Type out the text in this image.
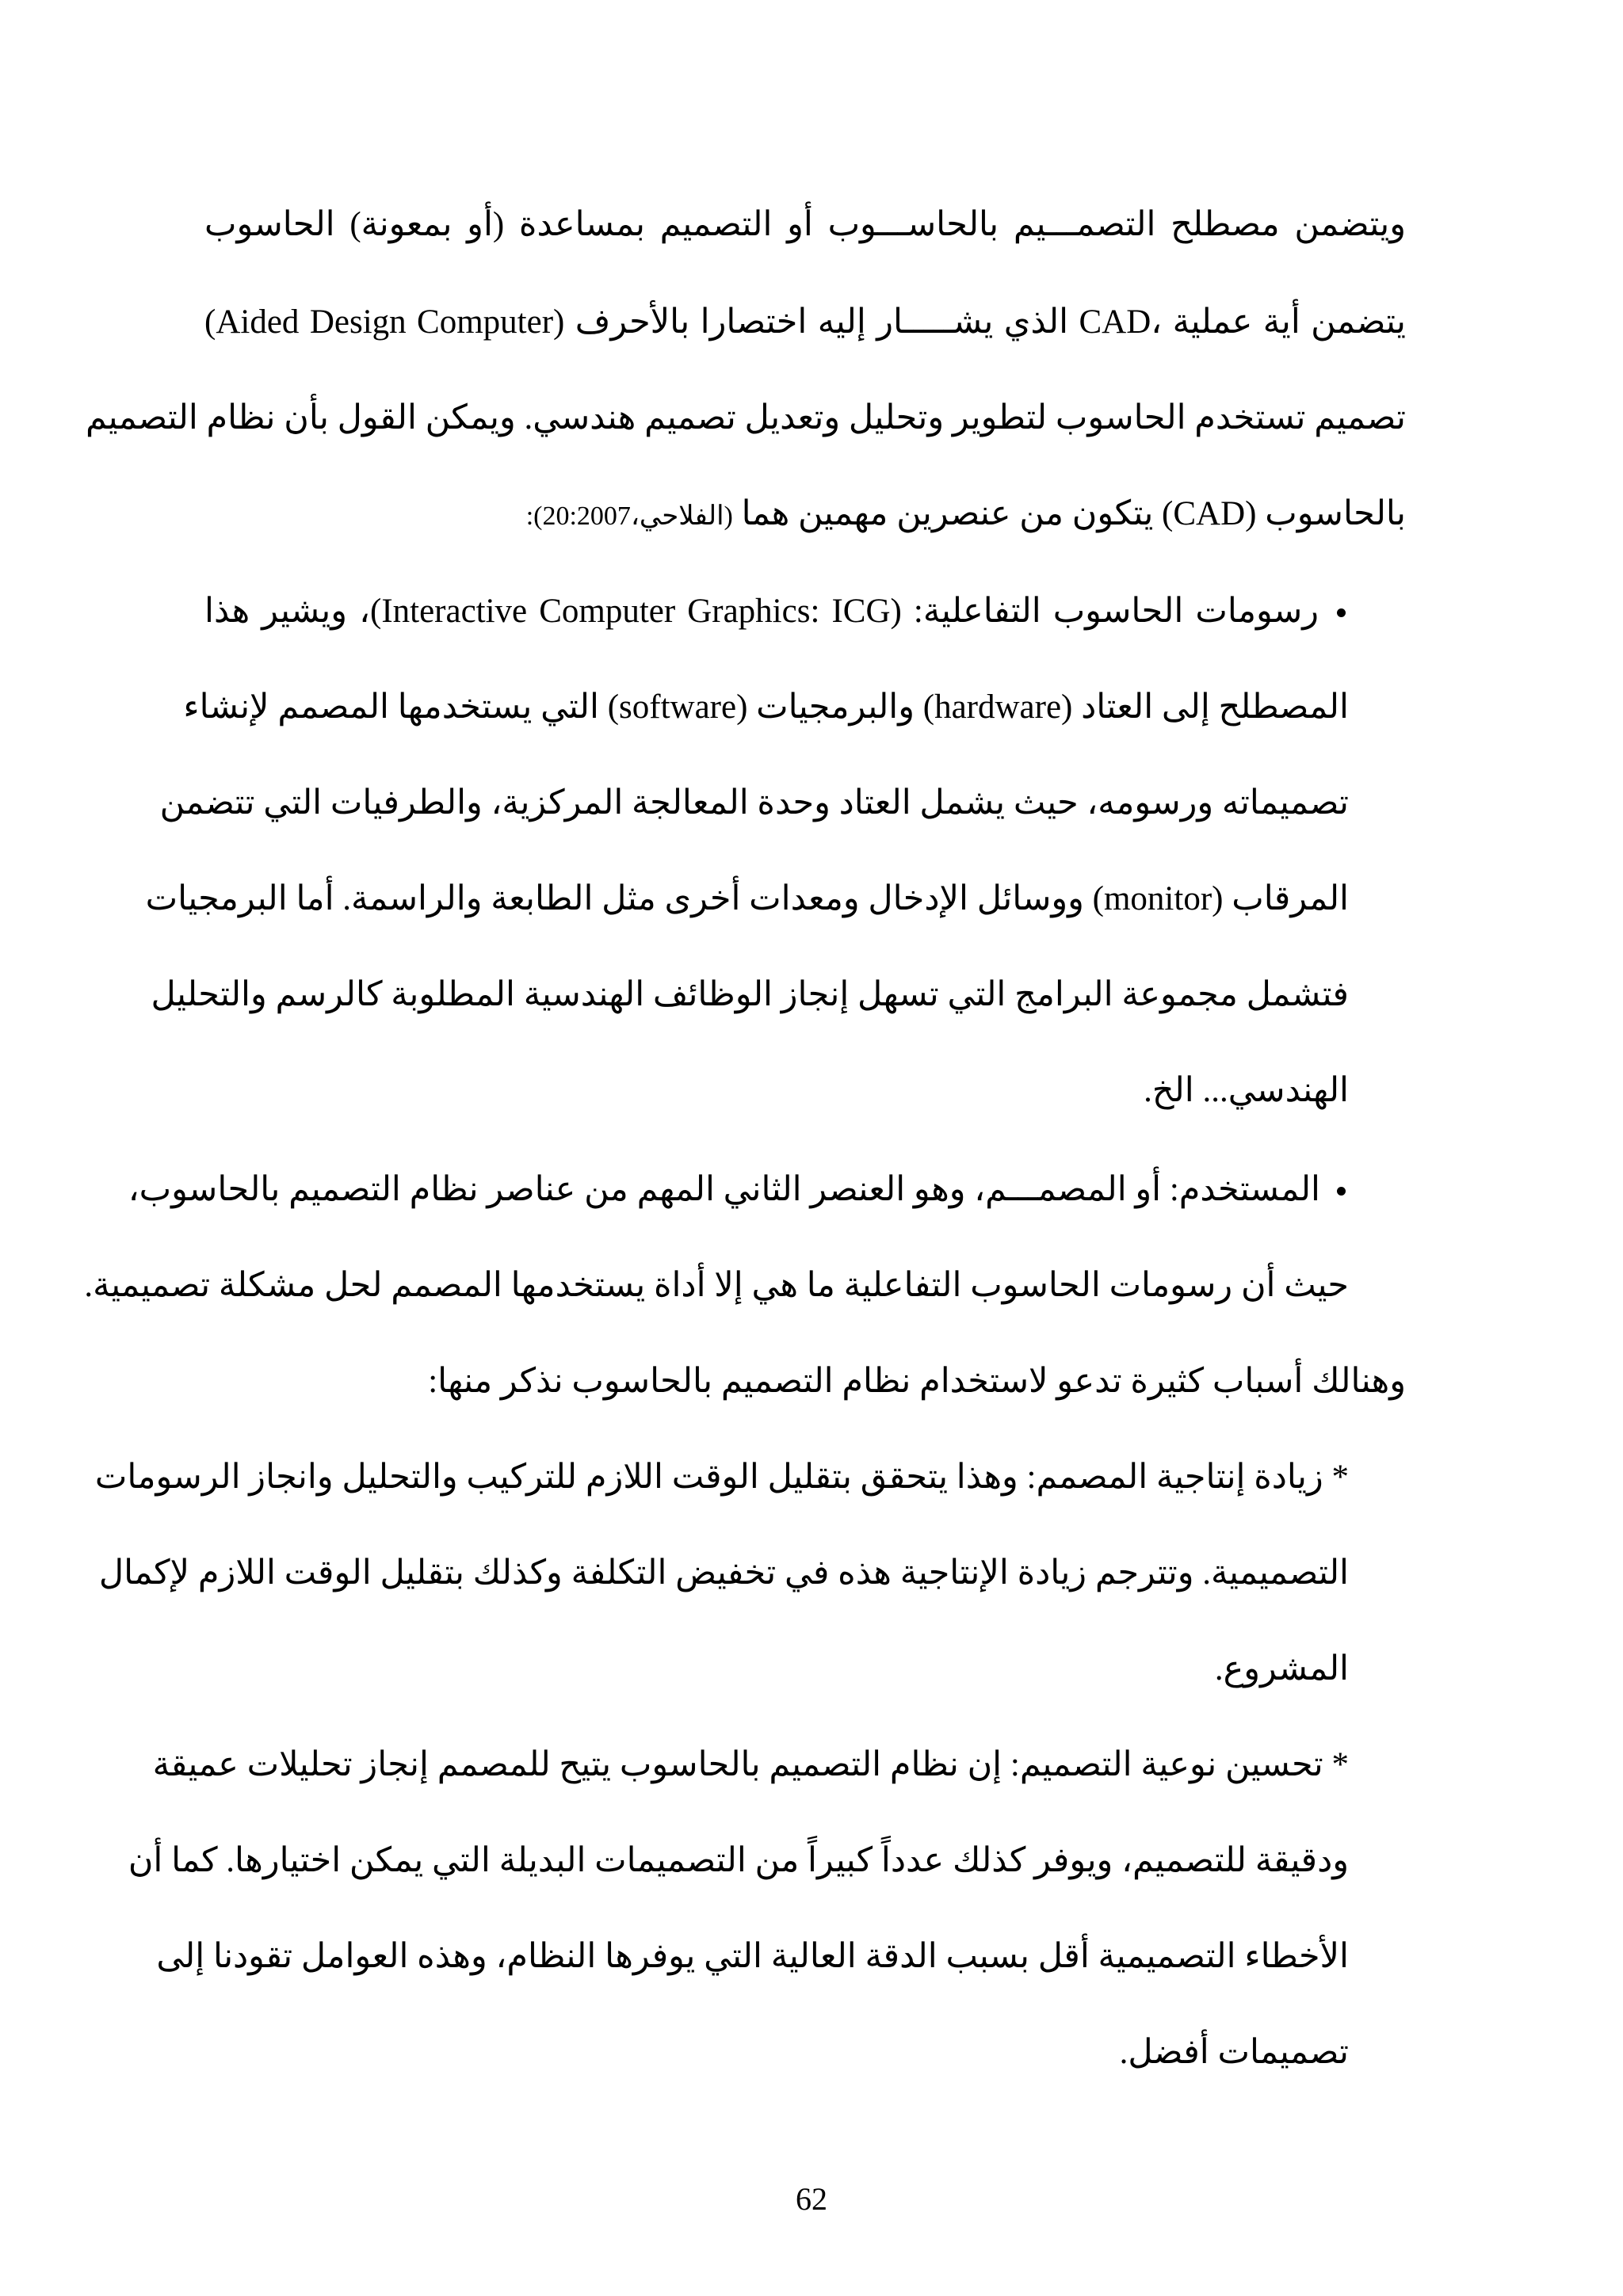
ويتضمن مصطلح التصمـــيم بالحاســـوب أو التصميم بمساعدة (أو بمعونة) الحاسوب
(Aided Design Computer) الذي يشـــــار إليه اختصارا بالأحرف CAD، يتضمن أية عملية
تصميم تستخدم الحاسوب لتطوير وتحليل وتعديل تصميم هندسي. ويمكن القول بأن نظام التصميم
بالحاسوب (CAD) يتكون من عنصرين مهمين هما (الفلاحي،20:2007):
رسومات الحاسوب التفاعلية: (Interactive Computer Graphics: ICG)، ويشير هذا
المصطلح إلى العتاد (hardware) والبرمجيات (software) التي يستخدمها المصمم لإنشاء
تصميماته ورسومه، حيث يشمل العتاد وحدة المعالجة المركزية، والطرفيات التي تتضمن
المرقاب (monitor) ووسائل الإدخال ومعدات أخرى مثل الطابعة والراسمة. أما البرمجيات
فتشمل مجموعة البرامج التي تسهل إنجاز الوظائف الهندسية المطلوبة كالرسم والتحليل
الهندسي... الخ.
المستخدم: أو المصمـــم، وهو العنصر الثاني المهم من عناصر نظام التصميم بالحاسوب،
حيث أن رسومات الحاسوب التفاعلية ما هي إلا أداة يستخدمها المصمم لحل مشكلة تصميمية.
وهنالك أسباب كثيرة تدعو لاستخدام نظام التصميم بالحاسوب نذكر منها:
* زيادة إنتاجية المصمم: وهذا يتحقق بتقليل الوقت اللازم للتركيب والتحليل وانجاز الرسومات
التصميمية. وتترجم زيادة الإنتاجية هذه في تخفيض التكلفة وكذلك بتقليل الوقت اللازم لإكمال
المشروع.
* تحسين نوعية التصميم: إن نظام التصميم بالحاسوب يتيح للمصمم إنجاز تحليلات عميقة
ودقيقة للتصميم، ويوفر كذلك عدداً كبيراً من التصميمات البديلة التي يمكن اختيارها. كما أن
الأخطاء التصميمية أقل بسبب الدقة العالية التي يوفرها النظام، وهذه العوامل تقودنا إلى
تصميمات أفضل.
62
